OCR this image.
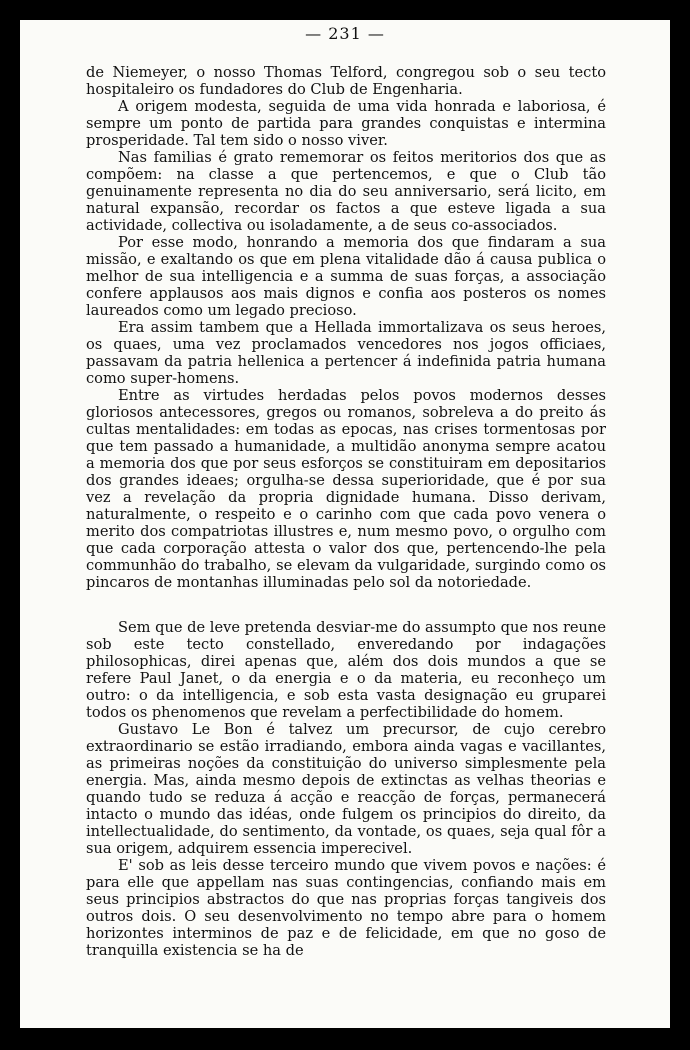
— 231 —

de Niemeyer, o nosso Thomas Telford, congregou sob o seu tecto hospitaleiro os fundadores do Club de Engenharia.

A origem modesta, seguida de uma vida honrada e laboriosa, é sempre um ponto de partida para grandes conquistas e intermina prosperidade. Tal tem sido o nosso viver.

Nas familias é grato rememorar os feitos meritorios dos que as compõem: na classe a que pertencemos, e que o Club tão genuinamente representa no dia do seu anniversario, será licito, em natural expansão, recordar os factos a que esteve ligada a sua actividade, collectiva ou isoladamente, a de seus co-associados.

Por esse modo, honrando a memoria dos que findaram a sua missão, e exaltando os que em plena vitalidade dão á causa publica o melhor de sua intelligencia e a summa de suas forças, a associação confere applausos aos mais dignos e confia aos posteros os nomes laureados como um legado precioso.

Era assim tambem que a Hellada immortalizava os seus heroes, os quaes, uma vez proclamados vencedores nos jogos officiaes, passavam da patria hellenica a pertencer á indefinida patria humana como super-homens.

Entre as virtudes herdadas pelos povos modernos desses gloriosos antecessores, gregos ou romanos, sobreleva a do preito ás cultas mentalidades: em todas as epocas, nas crises tormentosas por que tem passado a humanidade, a multidão anonyma sempre acatou a memoria dos que por seus esforços se constituiram em depositarios dos grandes ideaes; orgulha-se dessa superioridade, que é por sua vez a revelação da propria dignidade humana. Disso derivam, naturalmente, o respeito e o carinho com que cada povo venera o merito dos compatriotas illustres e, num mesmo povo, o orgulho com que cada corporação attesta o valor dos que, pertencendo-lhe pela communhão do trabalho, se elevam da vulgaridade, surgindo como os pincaros de montanhas illuminadas pelo sol da notoriedade.

Sem que de leve pretenda desviar-me do assumpto que nos reune sob este tecto constellado, enveredando por indagações philosophicas, direi apenas que, além dos dois mundos a que se refere Paul Janet, o da energia e o da materia, eu reconheço um outro: o da intelligencia, e sob esta vasta designação eu gruparei todos os phenomenos que revelam a perfectibilidade do homem.

Gustavo Le Bon é talvez um precursor, de cujo cerebro extraordinario se estão irradiando, embora ainda vagas e vacillantes, as primeiras noções da constituição do universo simplesmente pela energia. Mas, ainda mesmo depois de extinctas as velhas theorias e quando tudo se reduza á acção e reacção de forças, permanecerá intacto o mundo das idéas, onde fulgem os principios do direito, da intellectualidade, do sentimento, da vontade, os quaes, seja qual fôr a sua origem, adquirem essencia imperecivel.

E' sob as leis desse terceiro mundo que vivem povos e nações: é para elle que appellam nas suas contingencias, confiando mais em seus principios abstractos do que nas proprias forças tangiveis dos outros dois. O seu desenvolvimento no tempo abre para o homem horizontes interminos de paz e de felicidade, em que no goso de tranquilla existencia se ha de
